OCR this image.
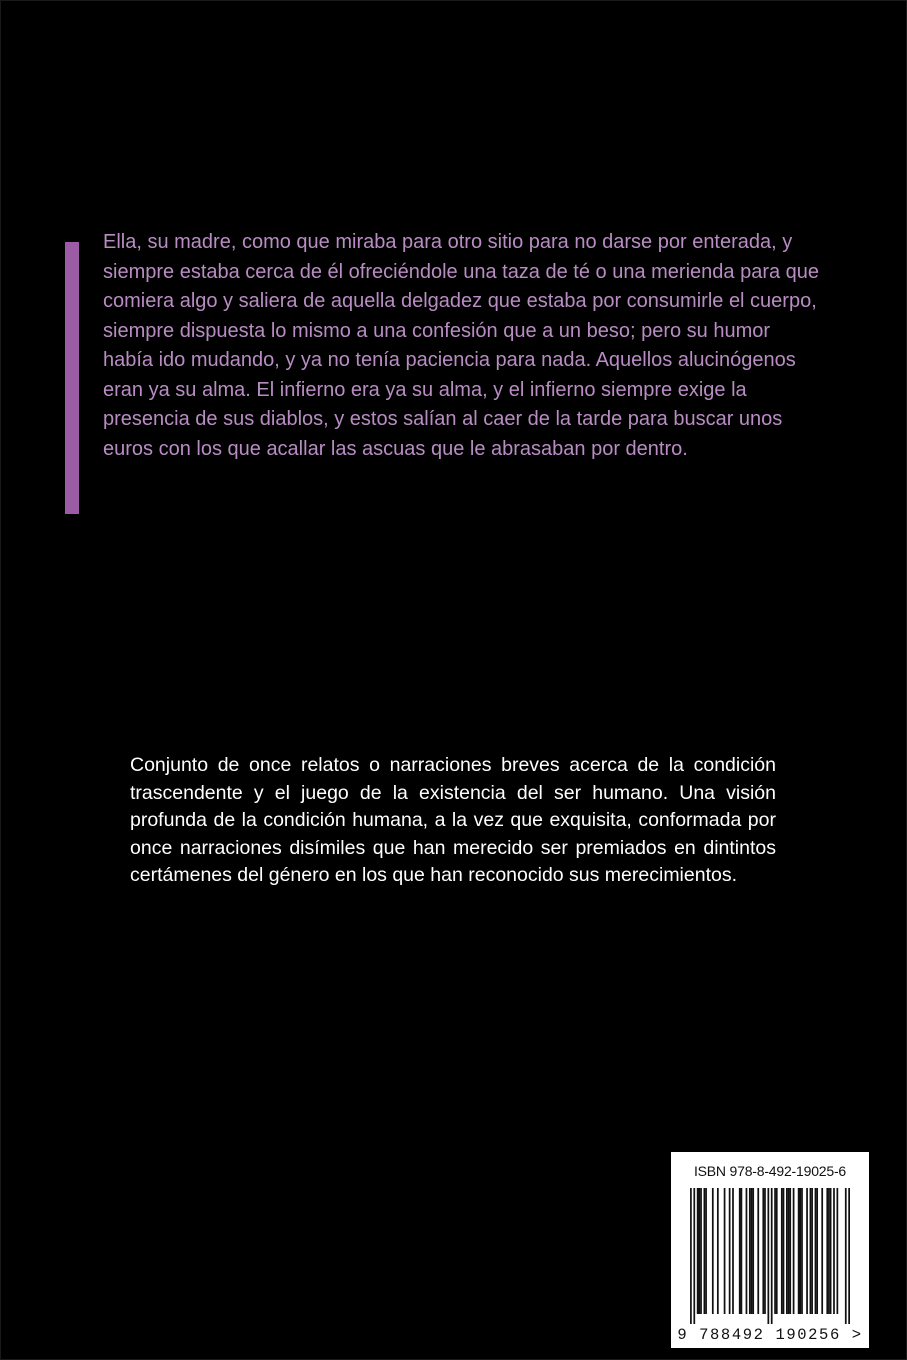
Ella, su madre, como que miraba para otro sitio para no darse por enterada, y siempre estaba cerca de él ofreciéndole una taza de té o una merienda para que comiera algo y saliera de aquella delgadez que estaba por consumirle el cuerpo, siempre dispuesta lo mismo a una confesión que a un beso; pero su humor había ido mudando, y ya no tenía paciencia para nada. Aquellos alucinógenos eran ya su alma. El infierno era ya su alma, y el infierno siempre exige la presencia de sus diablos, y estos salían al caer de la tarde para buscar unos euros con los que acallar las ascuas que le abrasaban por dentro.

Conjunto de once relatos o narraciones breves acerca de la condición trascendente y el juego de la existencia del ser humano. Una visión profunda de la condición humana, a la vez que exquisita, conformada por once narraciones disímiles que han merecido ser premiados en dintintos certámenes del género en los que han reconocido sus merecimientos.

ISBN 978-8-492-19025-6
9 788492 190256 >
